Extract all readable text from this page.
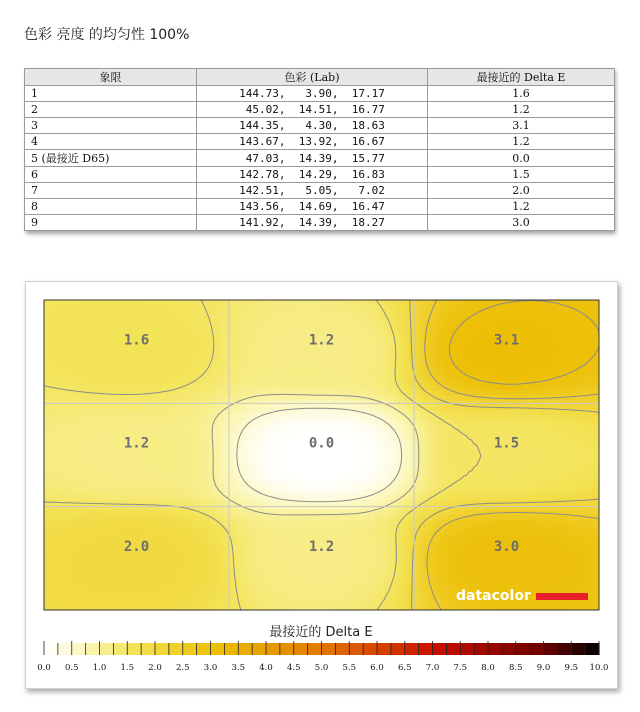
色彩 亮度 的均匀性 100%
象限	色彩 (Lab)	最接近的 Delta E
1	144.73,   3.90,  17.17	1.6
2	45.02,  14.51,  16.77	1.2
3	144.35,   4.30,  18.63	3.1
4	143.67,  13.92,  16.67	1.2
5 (最接近 D65)	47.03,  14.39,  15.77	0.0
6	142.78,  14.29,  16.83	1.5
7	142.51,   5.05,   7.02	2.0
8	143.56,  14.69,  16.47	1.2
9	141.92,  14.39,  18.27	3.0
1.6	1.2	3.1
1.2	0.0	1.5
2.0	1.2	3.0
datacolor
最接近的 Delta E
0.0 0.5 1.0 1.5 2.0 2.5 3.0 3.5 4.0 4.5 5.0 5.5 6.0 6.5 7.0 7.5 8.0 8.5 9.0 9.5 10.0
